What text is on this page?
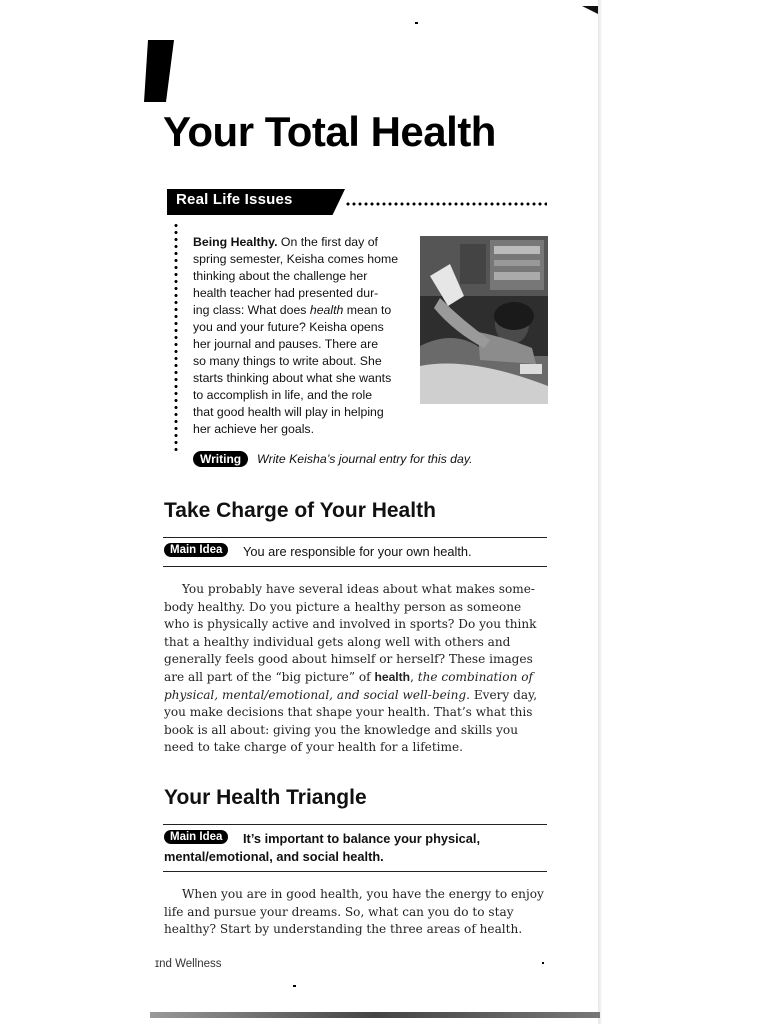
Your Total Health
Real Life Issues

Being Healthy. On the first day of

spring semester, Keisha comes home

thinking about the challenge her

health teacher had presented dur-

ing class: What does health mean to

you and your future? Keisha opens

her journal and pauses. There are

so many things to write about. She

starts thinking about what she wants

to accomplish in life, and the role

that good health will play in helping

her achieve her goals.

Writing	Write Keisha’s journal entry for this day.
Take Charge of Your Health
Main Idea	You are responsible for your own health.

You probably have several ideas about what makes some-

body healthy. Do you picture a healthy person as someone
who is physically active and involved in sports? Do you think
that a healthy individual gets along well with others and
generally feels good about himself or herself? These images
are all part of the “big picture” of health, the combination of
physical, mental/emotional, and social well-being. Every day,
you make decisions that shape your health. That’s what this
book is all about: giving you the knowledge and skills you
need to take charge of your health for a lifetime.
Your Health Triangle
Main Idea	It’s important to balance your physical,
mental/emotional, and social health.

When you are in good health, you have the energy to enjoy

life and pursue your dreams. So, what can you do to stay
healthy? Start by understanding the three areas of health.
ɪnd Wellness
